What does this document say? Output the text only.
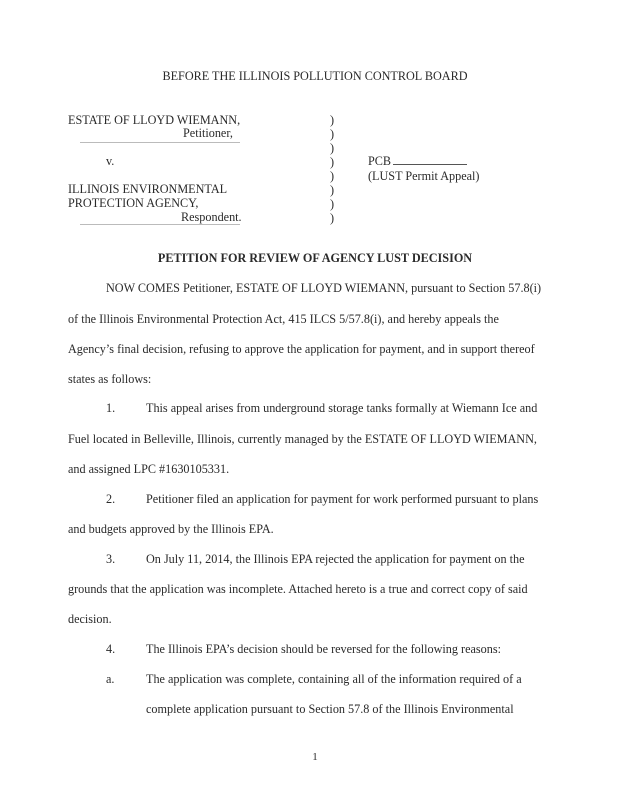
BEFORE THE ILLINOIS POLLUTION CONTROL BOARD
ESTATE OF LLOYD WIEMANN,
Petitioner,
v.
ILLINOIS ENVIRONMENTAL
PROTECTION AGENCY,
Respondent.
)
)
)
)
)
)
)
)
PCB
(LUST Permit Appeal)
PETITION FOR REVIEW OF AGENCY LUST DECISION
NOW COMES Petitioner, ESTATE OF LLOYD WIEMANN, pursuant to Section 57.8(i)
of the Illinois Environmental Protection Act, 415 ILCS 5/57.8(i), and hereby appeals the
Agency’s final decision, refusing to approve the application for payment, and in support thereof
states as follows:
1.	This appeal arises from underground storage tanks formally at Wiemann Ice and
Fuel located in Belleville, Illinois, currently managed by the ESTATE OF LLOYD WIEMANN,
and assigned LPC #1630105331.
2.	Petitioner filed an application for payment for work performed pursuant to plans
and budgets approved by the Illinois EPA.
3.	On July 11, 2014, the Illinois EPA rejected the application for payment on the
grounds that the application was incomplete. Attached hereto is a true and correct copy of said
decision.
4.	The Illinois EPA’s decision should be reversed for the following reasons:
a.	The application was complete, containing all of the information required of a
complete application pursuant to Section 57.8 of the Illinois Environmental
1
